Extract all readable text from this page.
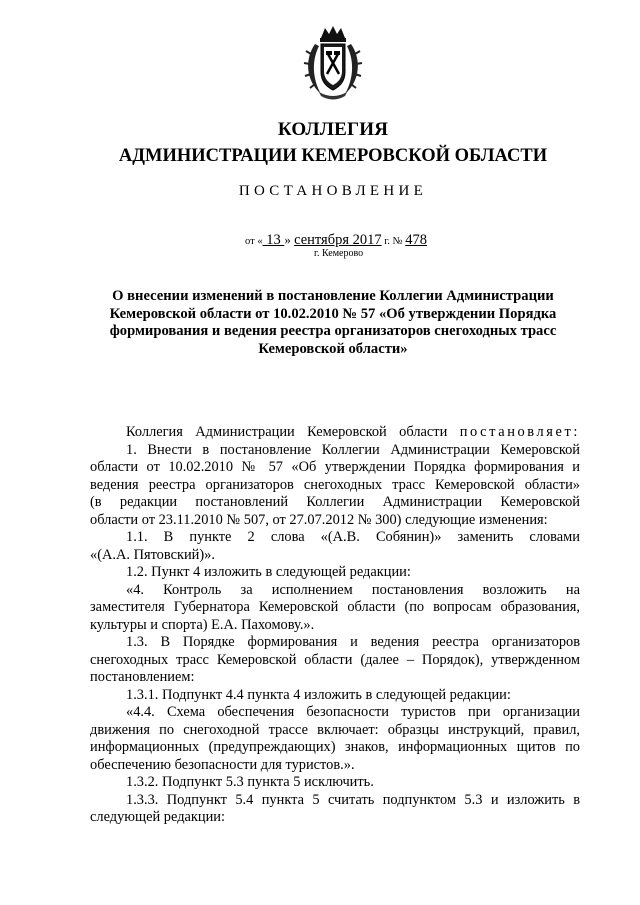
КОЛЛЕГИЯ
АДМИНИСТРАЦИИ КЕМЕРОВСКОЙ ОБЛАСТИ
ПОСТАНОВЛЕНИЕ
от « 13 » сентября 2017 г. № 478
г. Кемерово
О внесении изменений в постановление Коллегии Администрации
Кемеровской области от 10.02.2010 № 57 «Об утверждении Порядка
формирования и ведения реестра организаторов снегоходных трасс
Кемеровской области»

Коллегия Администрации Кемеровской области постановляет:

1. Внести в постановление Коллегии Администрации Кемеровской

области от 10.02.2010 № 57 «Об утверждении Порядка формирования и

ведения реестра организаторов снегоходных трасс Кемеровской области»

(в редакции постановлений Коллегии Администрации Кемеровской

области от 23.11.2010 № 507, от 27.07.2012 № 300) следующие изменения:

1.1. В пункте 2 слова «(А.В. Собянин)» заменить словами

«(А.А. Пятовский)».

1.2. Пункт 4 изложить в следующей редакции:

«4. Контроль за исполнением постановления возложить на

заместителя Губернатора Кемеровской области (по вопросам образования,

культуры и спорта) Е.А. Пахомову.».

1.3. В Порядке формирования и ведения реестра организаторов

снегоходных трасс Кемеровской области (далее – Порядок), утвержденном

постановлением:

1.3.1. Подпункт 4.4 пункта 4 изложить в следующей редакции:

«4.4. Схема обеспечения безопасности туристов при организации

движения по снегоходной трассе включает: образцы инструкций, правил,

информационных (предупреждающих) знаков, информационных щитов по

обеспечению безопасности для туристов.».

1.3.2. Подпункт 5.3 пункта 5 исключить.

1.3.3. Подпункт 5.4 пункта 5 считать подпунктом 5.3 и изложить в

следующей редакции:
